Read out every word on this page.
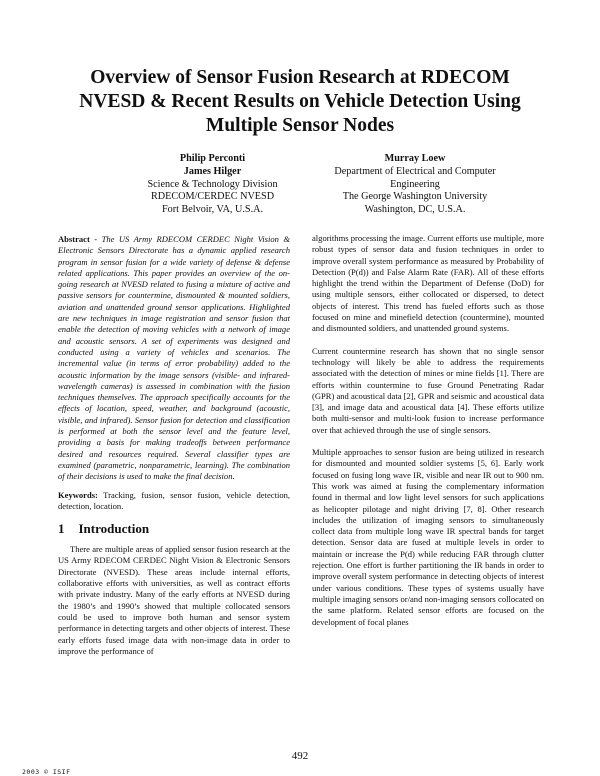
Overview of Sensor Fusion Research at RDECOM NVESD & Recent Results on Vehicle Detection Using Multiple Sensor Nodes
Philip Perconti
James Hilger
Science & Technology Division
RDECOM/CERDEC NVESD
Fort Belvoir, VA, U.S.A.
Murray Loew
Department of Electrical and Computer
Engineering
The George Washington University
Washington, DC, U.S.A.

Abstract - The US Army RDECOM CERDEC Night Vision & Electronic Sensors Directorate has a dynamic applied research program in sensor fusion for a wide variety of defense & defense related applications. This paper provides an overview of the on-going research at NVESD related to fusing a mixture of active and passive sensors for countermine, dismounted & mounted soldiers, aviation and unattended ground sensor applications. Highlighted are new techniques in image registration and sensor fusion that enable the detection of moving vehicles with a network of image and acoustic sensors. A set of experiments was designed and conducted using a variety of vehicles and scenarios. The incremental value (in terms of error probability) added to the acoustic information by the image sensors (visible- and infrared-wavelength cameras) is assessed in combination with the fusion techniques themselves. The approach specifically accounts for the effects of location, speed, weather, and background (acoustic, visible, and infrared). Sensor fusion for detection and classification is performed at both the sensor level and the feature level, providing a basis for making tradeoffs between performance desired and resources required. Several classifier types are examined (parametric, nonparametric, learning). The combination of their decisions is used to make the final decision.

Keywords: Tracking, fusion, sensor fusion, vehicle detection, detection, location.

1 Introduction

There are multiple areas of applied sensor fusion research at the US Army RDECOM CERDEC Night Vision & Electronic Sensors Directorate (NVESD). These areas include internal efforts, collaborative efforts with universities, as well as contract efforts with private industry. Many of the early efforts at NVESD during the 1980’s and 1990’s showed that multiple collocated sensors could be used to improve both human and sensor system performance in detecting targets and other objects of interest. These early efforts fused image data with non-image data in order to improve the performance of

algorithms processing the image. Current efforts use multiple, more robust types of sensor data and fusion techniques in order to improve overall system performance as measured by Probability of Detection (P(d)) and False Alarm Rate (FAR). All of these efforts highlight the trend within the Department of Defense (DoD) for using multiple sensors, either collocated or dispersed, to detect objects of interest. This trend has fueled efforts such as those focused on mine and minefield detection (countermine), mounted and dismounted soldiers, and unattended ground systems.

Current countermine research has shown that no single sensor technology will likely be able to address the requirements associated with the detection of mines or mine fields [1]. There are efforts within countermine to fuse Ground Penetrating Radar (GPR) and acoustical data [2], GPR and seismic and acoustical data [3], and image data and acoustical data [4]. These efforts utilize both multi-sensor and multi-look fusion to increase performance over that achieved through the use of single sensors.

Multiple approaches to sensor fusion are being utilized in research for dismounted and mounted soldier systems [5, 6]. Early work focused on fusing long wave IR, visible and near IR out to 900 nm. This work was aimed at fusing the complementary information found in thermal and low light level sensors for such applications as helicopter pilotage and night driving [7, 8]. Other research includes the utilization of imaging sensors to simultaneously collect data from multiple long wave IR spectral bands for target detection. Sensor data are fused at multiple levels in order to maintain or increase the P(d) while reducing FAR through clutter rejection. One effort is further partitioning the IR bands in order to improve overall system performance in detecting objects of interest under various conditions. These types of systems usually have multiple imaging sensors or/and non-imaging sensors collocated on the same platform. Related sensor efforts are focused on the development of focal planes

492
2003 © ISIF
